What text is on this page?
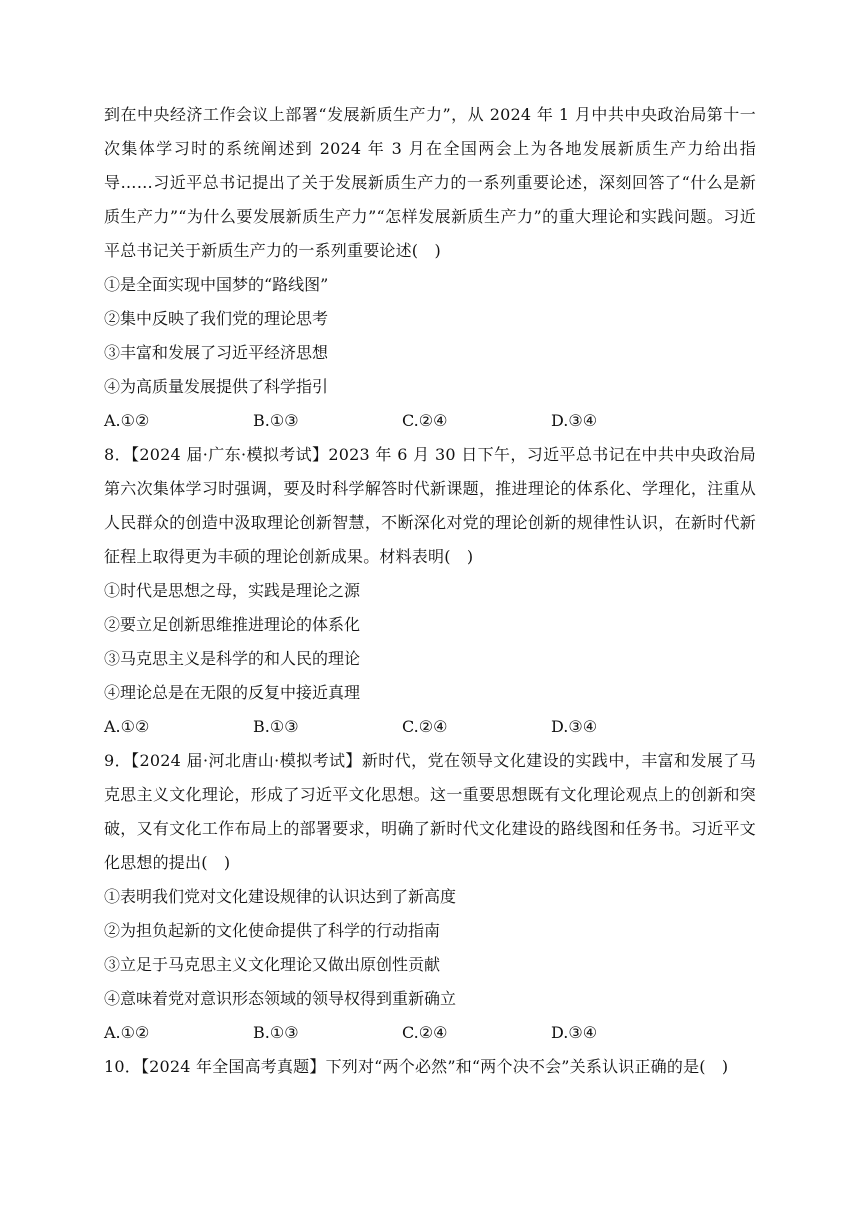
到在中央经济工作会议上部署“发展新质生产力”，从 2024 年 1 月中共中央政治局第十一次集体学习时的系统阐述到 2024 年 3 月在全国两会上为各地发展新质生产力给出指导……习近平总书记提出了关于发展新质生产力的一系列重要论述，深刻回答了“什么是新质生产力”“为什么要发展新质生产力”“怎样发展新质生产力”的重大理论和实践问题。习近平总书记关于新质生产力的一系列重要论述(　)

①是全面实现中国梦的“路线图”

②集中反映了我们党的理论思考

③丰富和发展了习近平经济思想

④为高质量发展提供了科学指引

A.①②	B.①③	C.②④	D.③④

8．【2024 届·广东·模拟考试】2023 年 6 月 30 日下午，习近平总书记在中共中央政治局第六次集体学习时强调，要及时科学解答时代新课题，推进理论的体系化、学理化，注重从人民群众的创造中汲取理论创新智慧，不断深化对党的理论创新的规律性认识，在新时代新征程上取得更为丰硕的理论创新成果。材料表明(　)

①时代是思想之母，实践是理论之源

②要立足创新思维推进理论的体系化

③马克思主义是科学的和人民的理论

④理论总是在无限的反复中接近真理

A.①②	B.①③	C.②④	D.③④

9．【2024 届·河北唐山·模拟考试】新时代，党在领导文化建设的实践中，丰富和发展了马克思主义文化理论，形成了习近平文化思想。这一重要思想既有文化理论观点上的创新和突破，又有文化工作布局上的部署要求，明确了新时代文化建设的路线图和任务书。习近平文化思想的提出(　)

①表明我们党对文化建设规律的认识达到了新高度

②为担负起新的文化使命提供了科学的行动指南

③立足于马克思主义文化理论又做出原创性贡献

④意味着党对意识形态领域的领导权得到重新确立

A.①②	B.①③	C.②④	D.③④

10．【2024 年全国高考真题】下列对“两个必然”和“两个决不会”关系认识正确的是(　)
